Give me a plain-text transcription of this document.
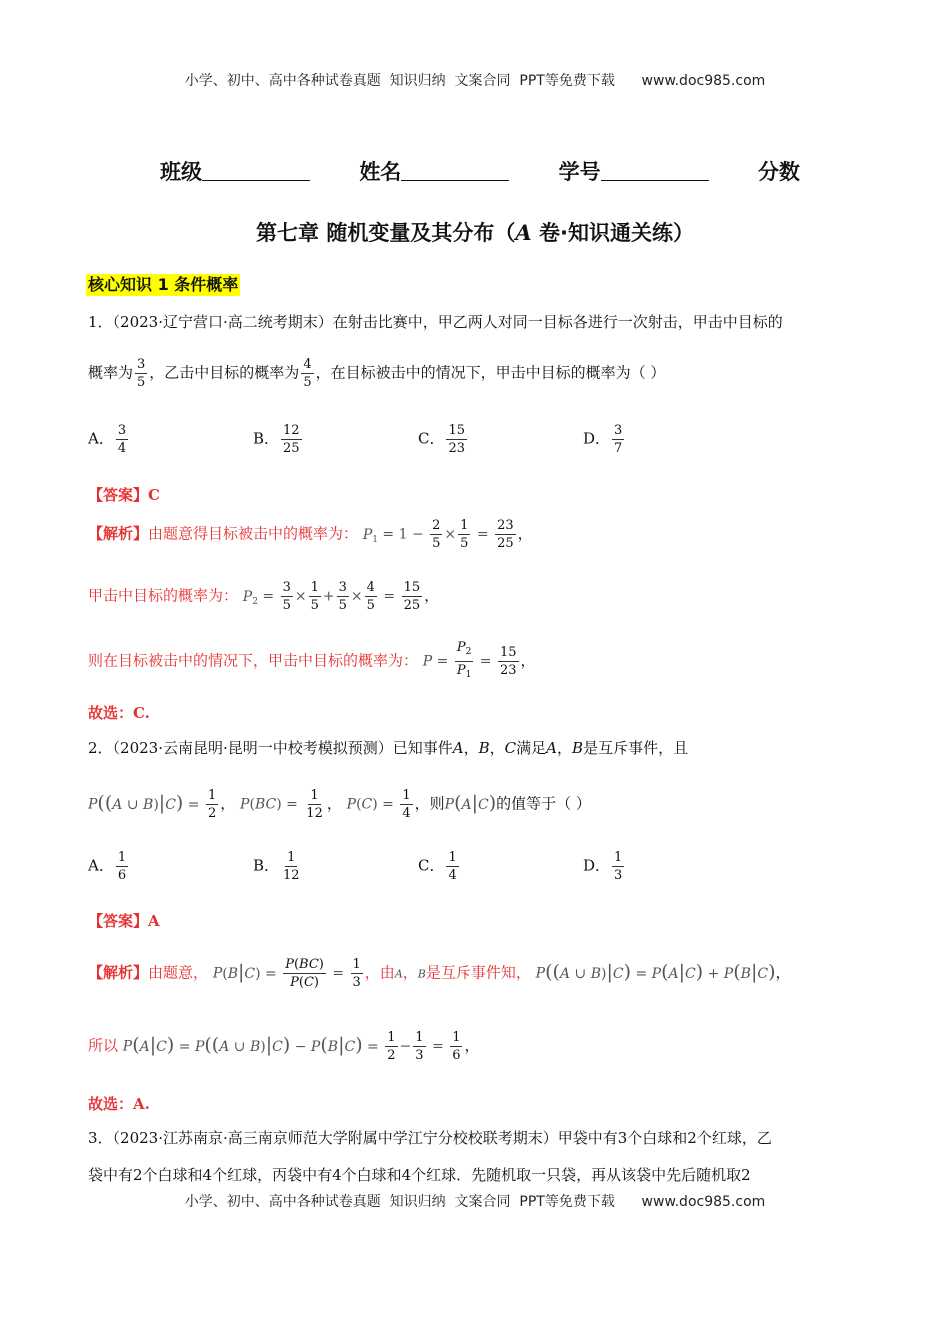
小学、初中、高中各种试卷真题  知识归纳  文案合同  PPT等免费下载      www.doc985.com
班级	姓名	学号	分数
第七章 随机变量及其分布（A 卷·知识通关练）
核心知识 1 条件概率
1．（2023·辽宁营口·高二统考期末）在射击比赛中，甲乙两人对同一目标各进行一次射击，甲击中目标的
概率为 $\frac{3}{5}$ ，乙击中目标的概率为 $\frac{4}{5}$ ，在目标被击中的情况下，甲击中目标的概率为（ ）
A． $\frac{3}{4}$	B． $\frac{12}{25}$	C． $\frac{15}{23}$	D． $\frac{3}{7}$
【答案】C
【解析】由题意得目标被击中的概率为： $P_1 = 1 - \frac{2}{5} \times \frac{1}{5} = \frac{23}{25}$ ，
甲击中目标的概率为： $P_2 = \frac{3}{5} \times \frac{1}{5} + \frac{3}{5} \times \frac{4}{5} = \frac{15}{25}$ ，
则在目标被击中的情况下，甲击中目标的概率为： $P = \frac{P_2}{P_1} = \frac{15}{23}$ ，
故选：C.
2．（2023·云南昆明·昆明一中校考模拟预测）已知事件A，B，C满足A，B是互斥事件，且
P((A ∪ $B)|C) = \frac{1}{2}$ ， $P(BC) = \frac{1}{12}$ ， $P(C) = \frac{1}{4}$ ，则P(A|C)的值等于（ ）
A． $\frac{1}{6}$	B． $\frac{1}{12}$	C． $\frac{1}{4}$	D． $\frac{1}{3}$
【答案】A
【解析】由题意， $P(B|C) = \frac{P(BC)}{P(C)} = \frac{1}{3}$ ，由A，B是互斥事件知， P((A ∪ B)|C) = P(A|C) + P(B|C)，
所以 P(A|C) = P((A ∪ $B)|C) - P(B|C) = \frac{1}{2} - \frac{1}{3} = \frac{1}{6}$ ，
故选：A.
3．（2023·江苏南京·高三南京师范大学附属中学江宁分校校联考期末）甲袋中有3个白球和2个红球，乙
袋中有2个白球和4个红球，丙袋中有4个白球和4个红球．先随机取一只袋，再从该袋中先后随机取2
小学、初中、高中各种试卷真题  知识归纳  文案合同  PPT等免费下载      www.doc985.com
